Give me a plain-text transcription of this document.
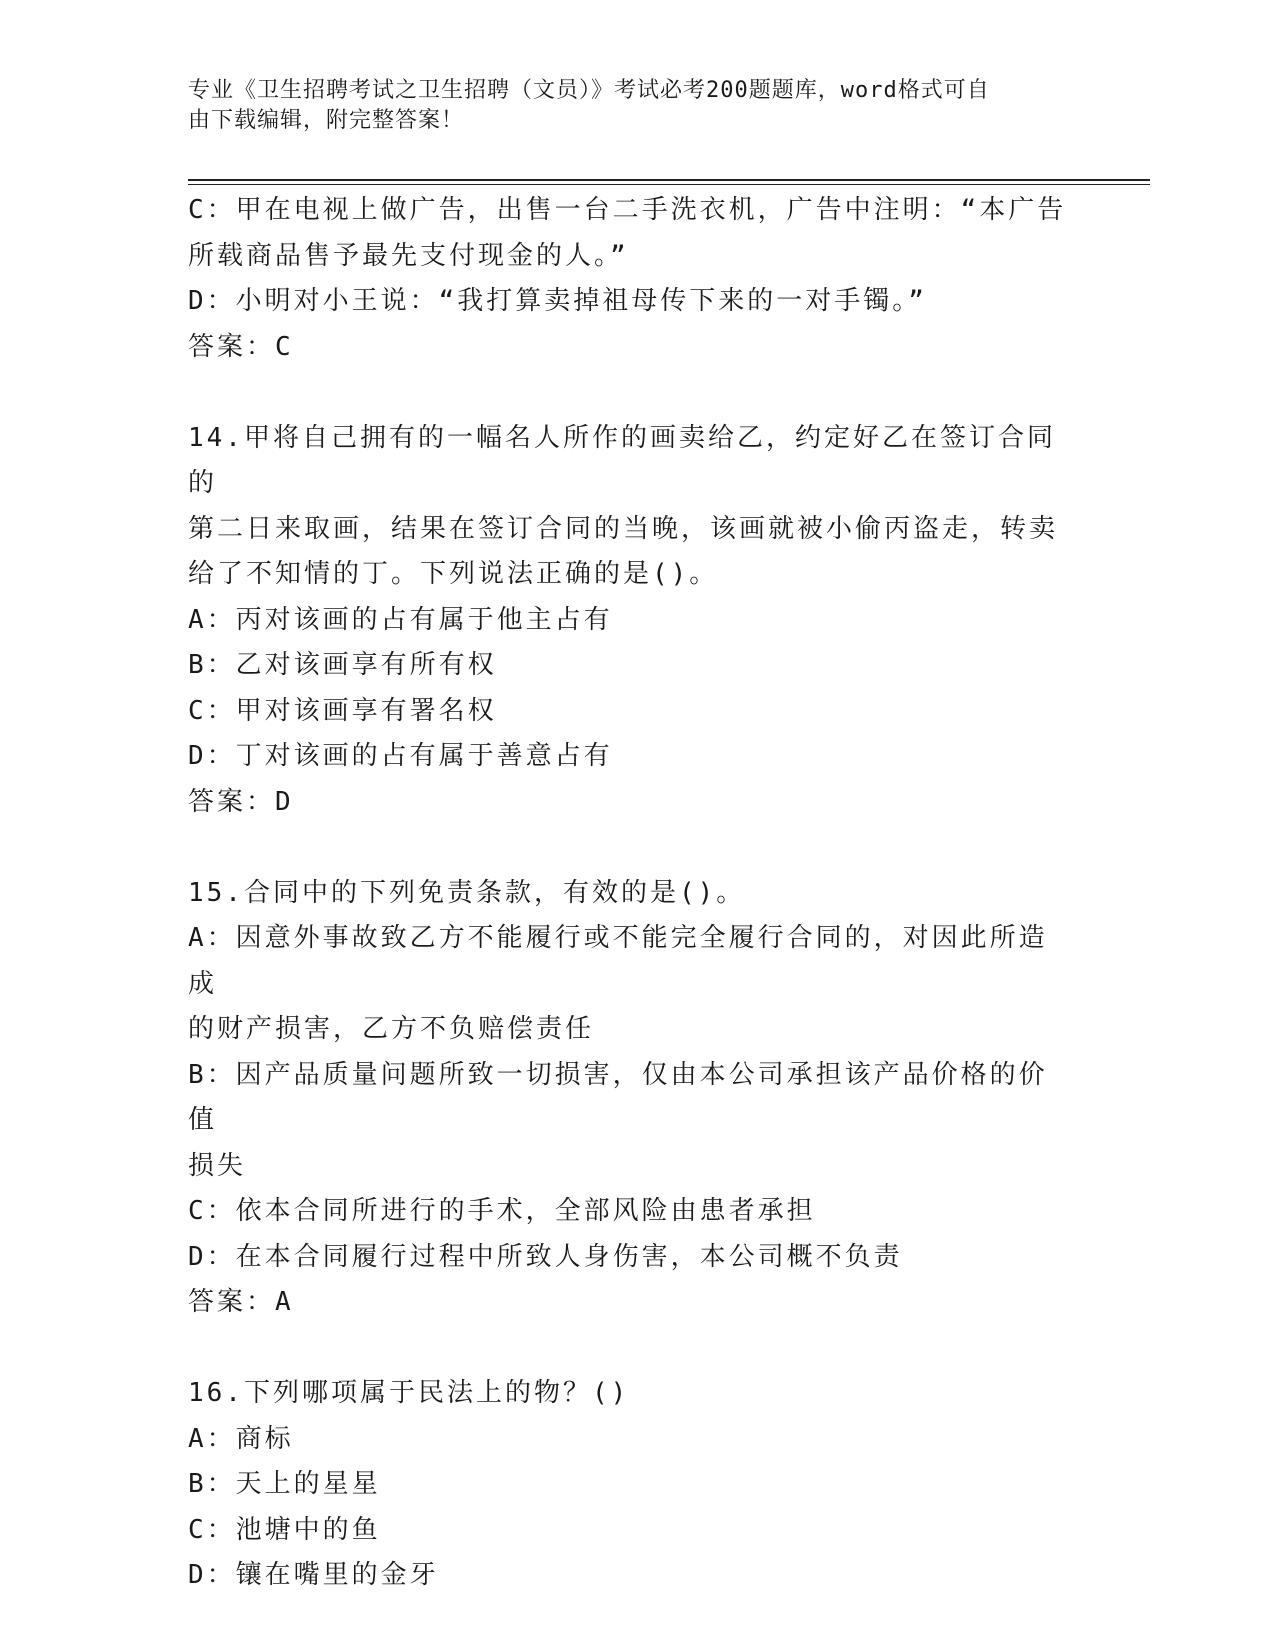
专业《卫生招聘考试之卫生招聘（文员）》考试必考200题题库，word格式可自
由下载编辑，附完整答案！

C：甲在电视上做广告，出售一台二手洗衣机，广告中注明：“本广告

所载商品售予最先支付现金的人。”

D：小明对小王说：“我打算卖掉祖母传下来的一对手镯。”

答案：C

14.甲将自己拥有的一幅名人所作的画卖给乙，约定好乙在签订合同的

第二日来取画，结果在签订合同的当晚，该画就被小偷丙盗走，转卖

给了不知情的丁。下列说法正确的是()。

A：丙对该画的占有属于他主占有

B：乙对该画享有所有权

C：甲对该画享有署名权

D：丁对该画的占有属于善意占有

答案：D

15.合同中的下列免责条款，有效的是()。

A：因意外事故致乙方不能履行或不能完全履行合同的，对因此所造成

的财产损害，乙方不负赔偿责任

B：因产品质量问题所致一切损害，仅由本公司承担该产品价格的价值

损失

C：依本合同所进行的手术，全部风险由患者承担

D：在本合同履行过程中所致人身伤害，本公司概不负责

答案：A

16.下列哪项属于民法上的物？()

A：商标

B：天上的星星

C：池塘中的鱼

D：镶在嘴里的金牙
